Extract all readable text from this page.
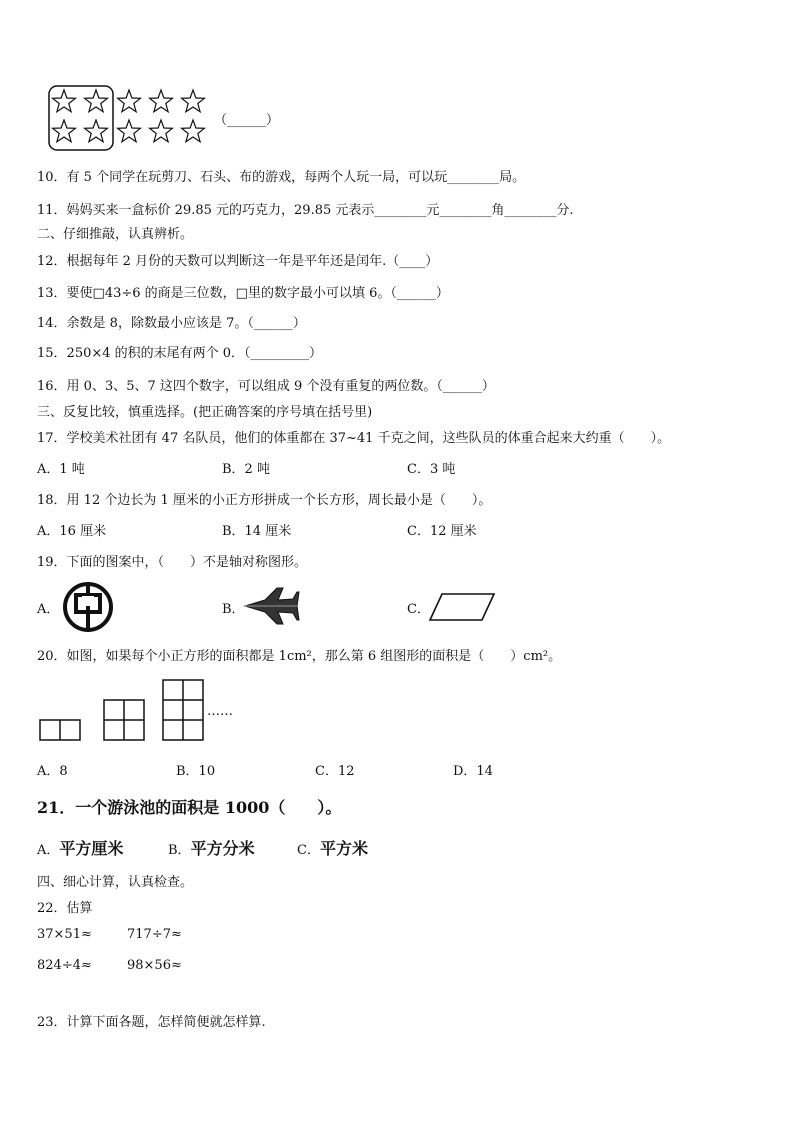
（______）
10．有 5 个同学在玩剪刀、石头、布的游戏，每两个人玩一局，可以玩________局。
11．妈妈买来一盒标价 29.85 元的巧克力，29.85 元表示________元________角________分.
二、仔细推敲，认真辨析。
12．根据每年 2 月份的天数可以判断这一年是平年还是闰年.（____）
13．要使□43÷6 的商是三位数，□里的数字最小可以填 6。（______）
14．余数是 8，除数最小应该是 7。（______）
15．250×4 的积的末尾有两个 0．（_________）
16．用 0、3、5、7 这四个数字，可以组成 9 个没有重复的两位数。（______）
三、反复比较，慎重选择。(把正确答案的序号填在括号里)
17．学校美术社团有 47 名队员，他们的体重都在 37~41 千克之间，这些队员的体重合起来大约重（　　）。
A．1 吨	B．2 吨	C．3 吨
18．用 12 个边长为 1 厘米的小正方形拼成一个长方形，周长最小是（　　）。
A．16 厘米	B．14 厘米	C．12 厘米
19．下面的图案中，（　　）不是轴对称图形。
A．	B．	C．
20．如图，如果每个小正方形的面积都是 1cm²，那么第 6 组图形的面积是（　　）cm²。
……
A．8	B．10	C．12	D．14
21．一个游泳池的面积是 1000（　　）。
A．平方厘米	B．平方分米	C．平方米
四、细心计算，认真检查。
22．估算
37×51≈	717÷7≈
824÷4≈	98×56≈
23．计算下面各题，怎样简便就怎样算.
